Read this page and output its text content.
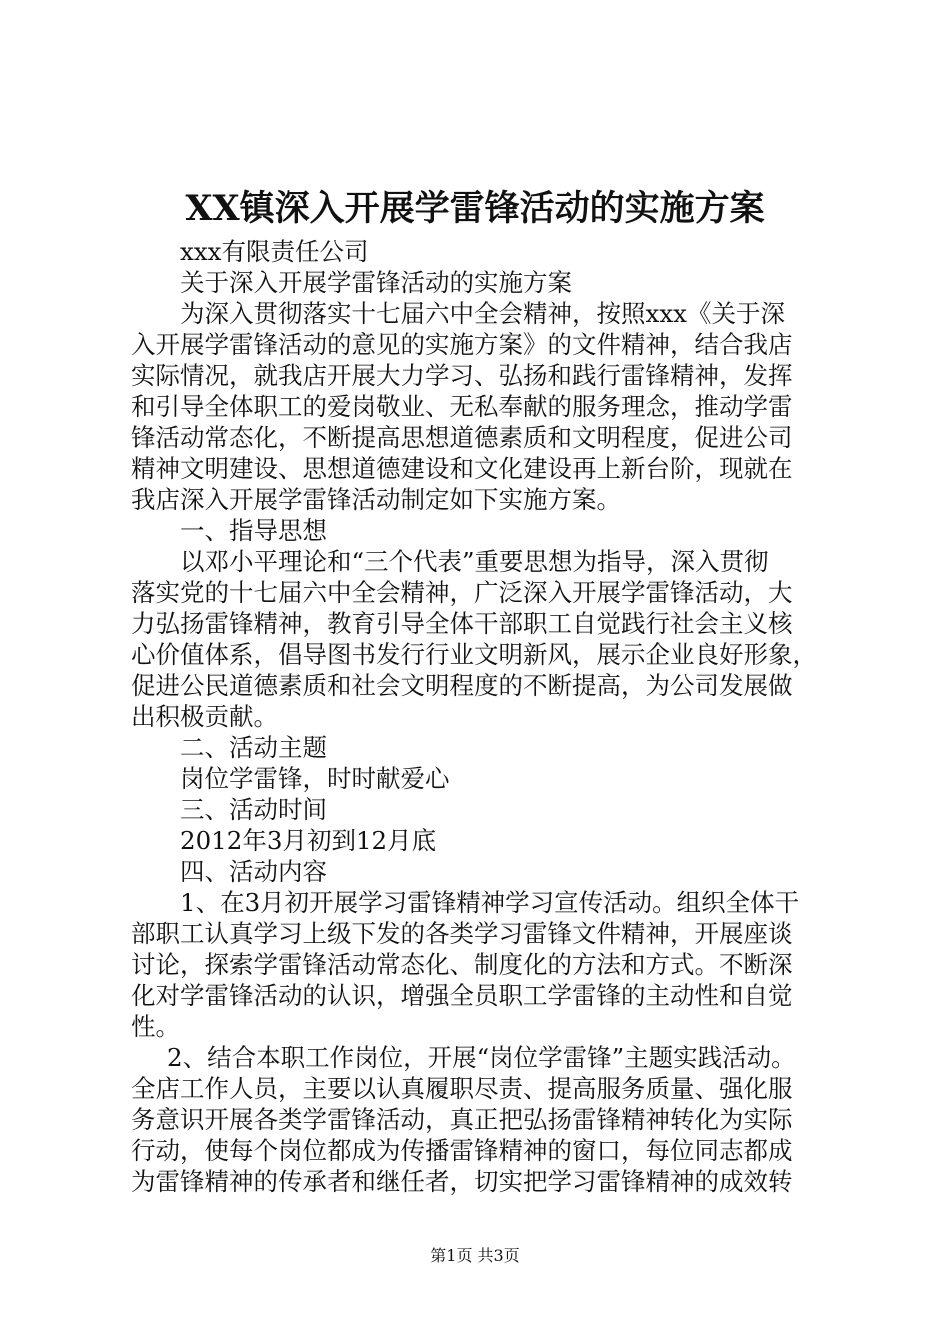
XX镇深入开展学雷锋活动的实施方案
xxx有限责任公司
关于深入开展学雷锋活动的实施方案
为深入贯彻落实十七届六中全会精神，按照xxx《关于深
入开展学雷锋活动的意见的实施方案》的文件精神，结合我店
实际情况，就我店开展大力学习、弘扬和践行雷锋精神，发挥
和引导全体职工的爱岗敬业、无私奉献的服务理念，推动学雷
锋活动常态化，不断提高思想道德素质和文明程度，促进公司
精神文明建设、思想道德建设和文化建设再上新台阶，现就在
我店深入开展学雷锋活动制定如下实施方案。
一、指导思想
以邓小平理论和“三个代表”重要思想为指导，深入贯彻
落实党的十七届六中全会精神，广泛深入开展学雷锋活动，大
力弘扬雷锋精神，教育引导全体干部职工自觉践行社会主义核
心价值体系，倡导图书发行行业文明新风，展示企业良好形象，
促进公民道德素质和社会文明程度的不断提高，为公司发展做
出积极贡献。
二、活动主题
岗位学雷锋，时时献爱心
三、活动时间
2012年3月初到12月底
四、活动内容
1、在3月初开展学习雷锋精神学习宣传活动。组织全体干
部职工认真学习上级下发的各类学习雷锋文件精神，开展座谈
讨论，探索学雷锋活动常态化、制度化的方法和方式。不断深
化对学雷锋活动的认识，增强全员职工学雷锋的主动性和自觉
性。
2、结合本职工作岗位，开展“岗位学雷锋”主题实践活动。
全店工作人员，主要以认真履职尽责、提高服务质量、强化服
务意识开展各类学雷锋活动，真正把弘扬雷锋精神转化为实际
行动，使每个岗位都成为传播雷锋精神的窗口，每位同志都成
为雷锋精神的传承者和继任者，切实把学习雷锋精神的成效转
第1页 共3页
